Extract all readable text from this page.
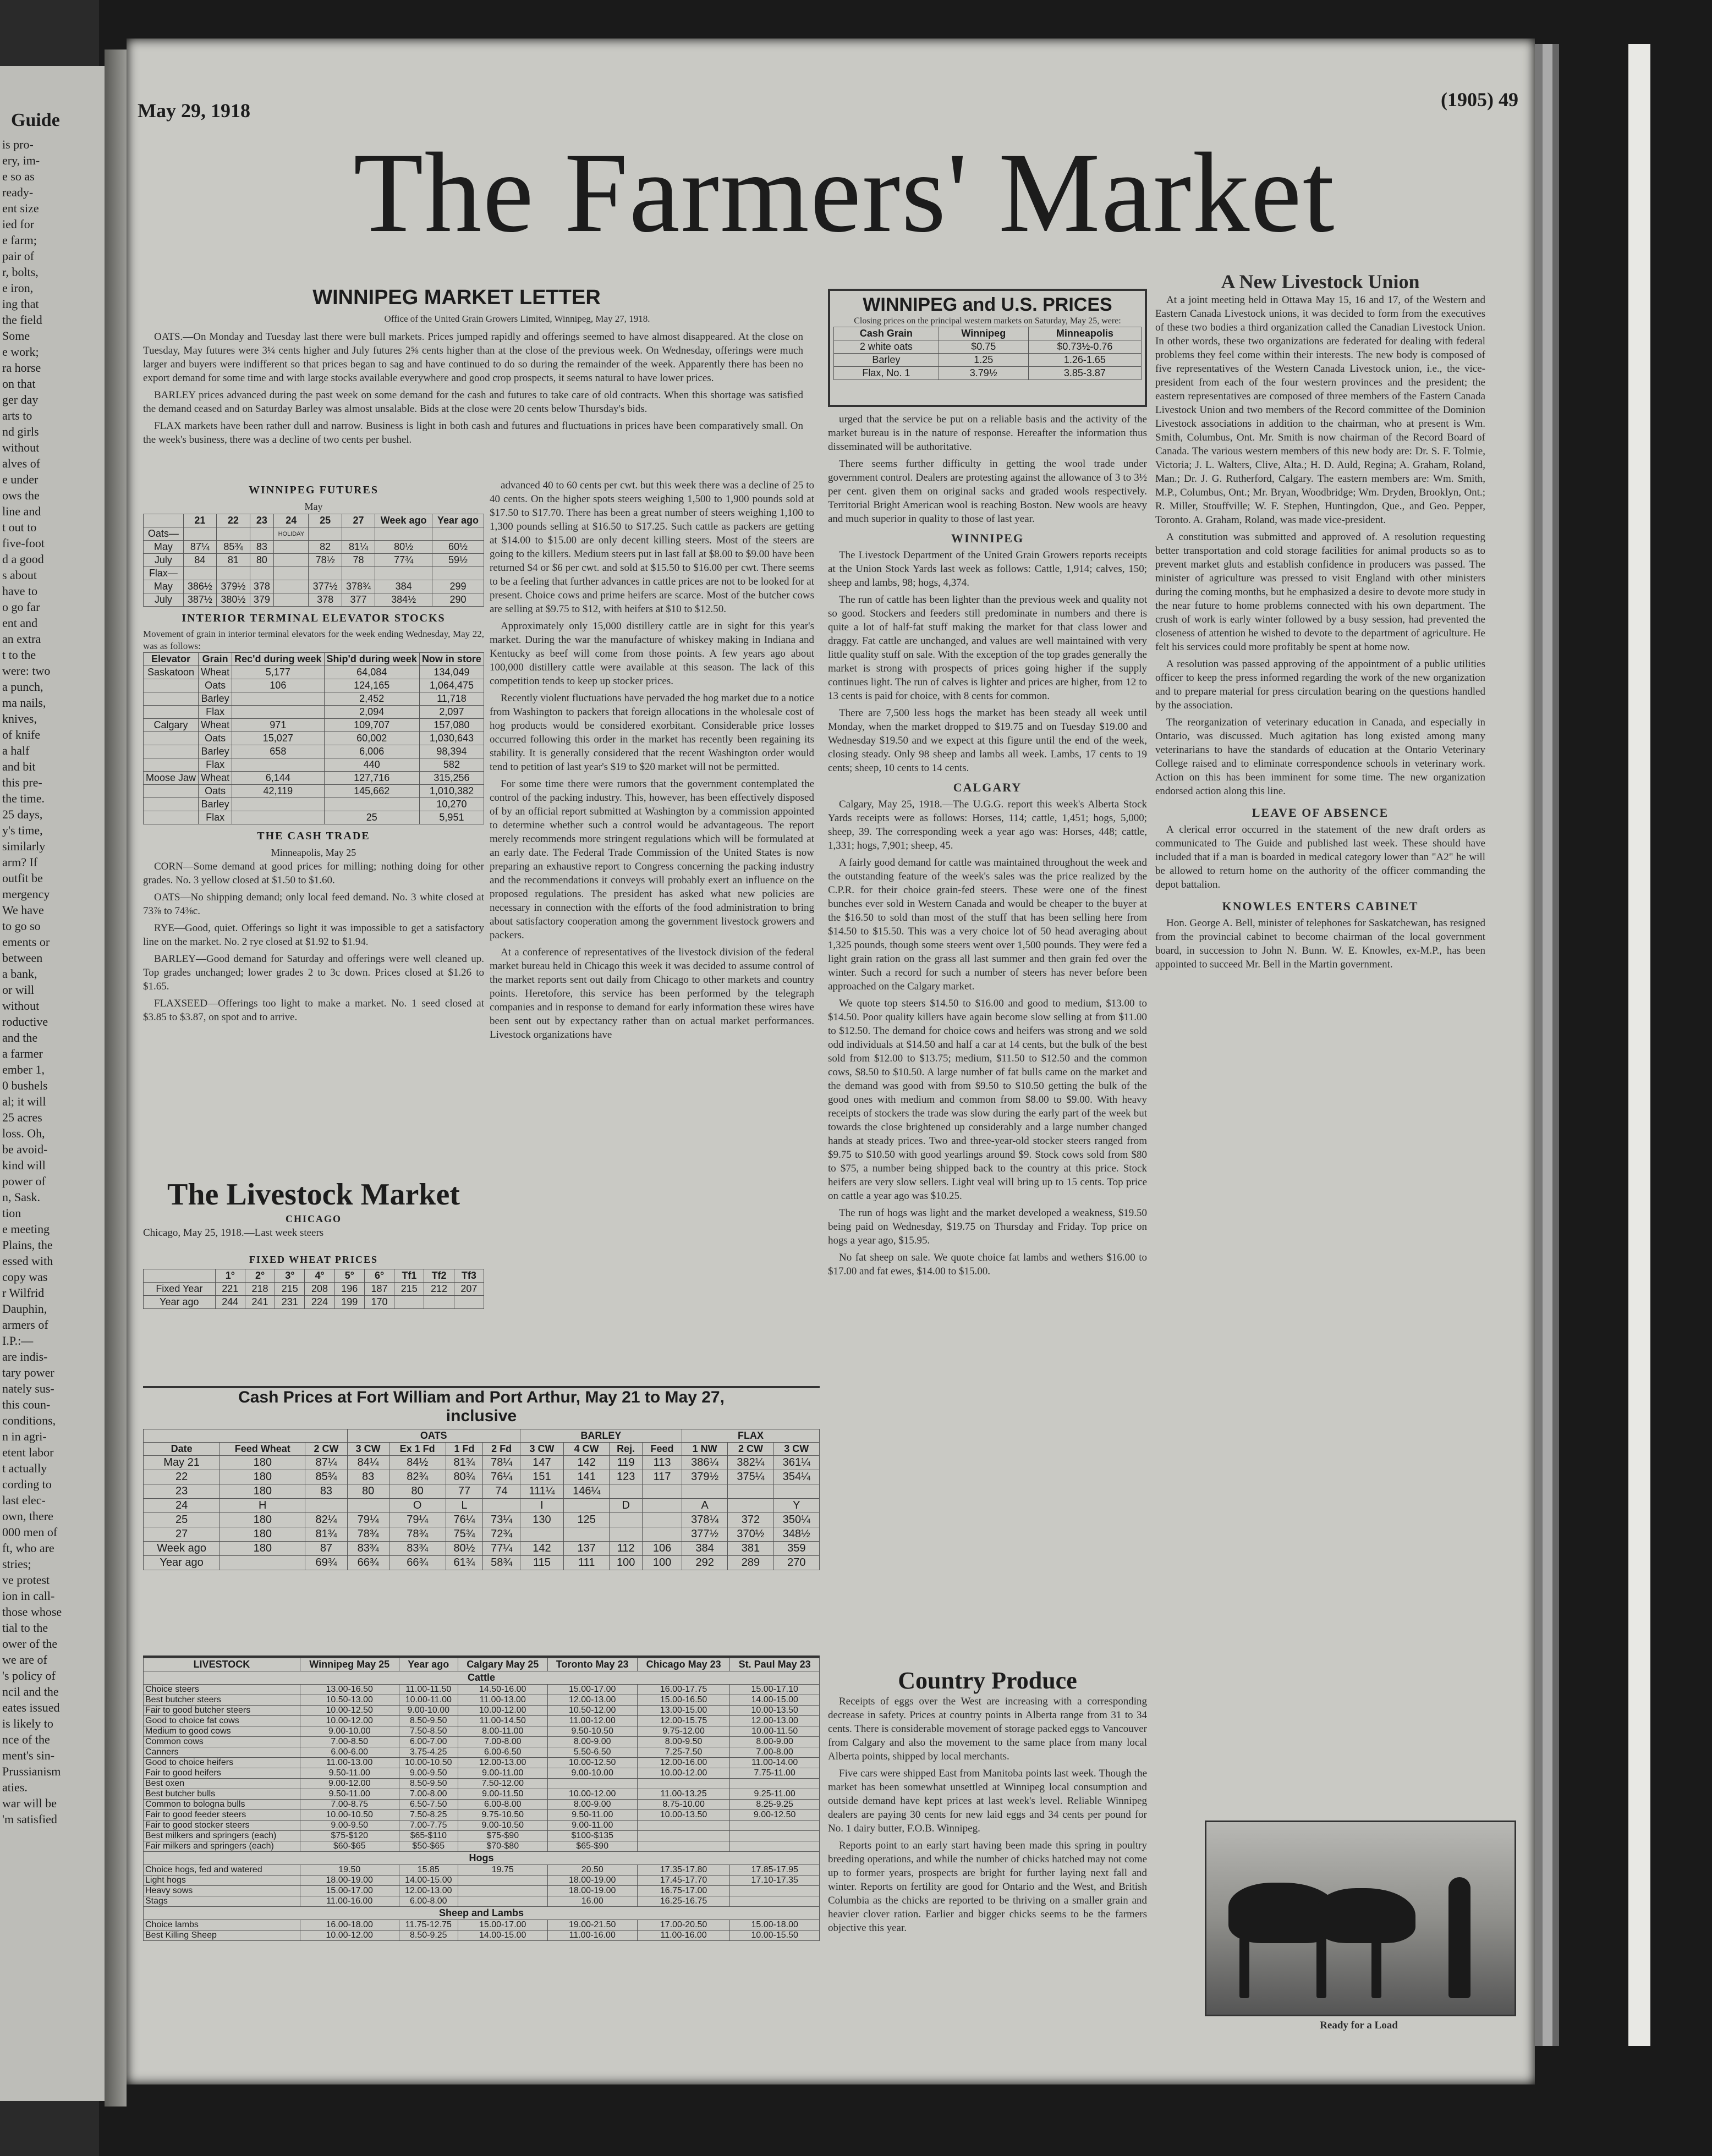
Guide
is pro-
ery, im-
e so as
ready-
ent size
ied for
e farm;
pair of
r, bolts,
e iron,
ing that
the field
Some
e work;
ra horse
on that
ger day
arts to
nd girls
without
alves of
e under
ows the
line and
t out to
five-foot
d a good
s about
have to
o go far
ent and
an extra
t to the
were: two
a punch,
ma nails,
knives,
of knife
a half
and bit
this pre-
the time.
25 days,
y's time,
similarly
arm? If
outfit be
mergency
We have
to go so
ements or
between
a bank,
or will
without
roductive
and the
a farmer
ember 1,
0 bushels
al; it will
25 acres
loss. Oh,
be avoid-
kind will
power of
n, Sask.
tion
e meeting
Plains, the
essed with
copy was
r Wilfrid
Dauphin,
armers of
I.P.:—
are indis-
tary power
nately sus-
this coun-
conditions,
n in agri-
etent labor
t actually
cording to
last elec-
own, there
000 men of
ft, who are
stries;
ve protest
ion in call-
those whose
tial to the
ower of the
we are of
's policy of
ncil and the
eates issued
is likely to
nce of the
ment's sin-
Prussianism
aties.
war will be
'm satisfied
May 29, 1918	(1905) 49
The Farmers' Market
WINNIPEG MARKET LETTER
Office of the United Grain Growers Limited, Winnipeg, May 27, 1918.

OATS.—On Monday and Tuesday last there were bull markets. Prices jumped rapidly and offerings seemed to have almost disappeared. At the close on Tuesday, May futures were 3¼ cents higher and July futures 2⅝ cents higher than at the close of the previous week. On Wednesday, offerings were much larger and buyers were indifferent so that prices began to sag and have continued to do so during the remainder of the week. Apparently there has been no export demand for some time and with large stocks available everywhere and good crop prospects, it seems natural to have lower prices.

BARLEY prices advanced during the past week on some demand for the cash and futures to take care of old contracts. When this shortage was satisfied the demand ceased and on Saturday Barley was almost unsalable. Bids at the close were 20 cents below Thursday's bids.

FLAX markets have been rather dull and narrow. Business is light in both cash and futures and fluctuations in prices have been comparatively small. On the week's business, there was a decline of two cents per bushel.

WINNIPEG and U.S. PRICES
Closing prices on the principal western markets on Saturday, May 25, were:
Cash Grain	Winnipeg	Minneapolis
2 white oats	$0.75	$0.73½-0.76
Barley	1.25	1.26-1.65
Flax, No. 1	3.79½	3.85-3.87

urged that the service be put on a reliable basis and the activity of the market bureau is in the nature of response. Hereafter the information thus disseminated will be authoritative.

There seems further difficulty in getting the wool trade under government control. Dealers are protesting against the allowance of 3 to 3½ per cent. given them on original sacks and graded wools respectively. Territorial Bright American wool is reaching Boston. New wools are heavy and much superior in quality to those of last year.

WINNIPEG

The Livestock Department of the United Grain Growers reports receipts at the Union Stock Yards last week as follows: Cattle, 1,914; calves, 150; sheep and lambs, 98; hogs, 4,374.

The run of cattle has been lighter than the previous week and quality not so good. Stockers and feeders still predominate in numbers and there is quite a lot of half-fat stuff making the market for that class lower and draggy. Fat cattle are unchanged, and values are well maintained with very little quality stuff on sale. With the exception of the top grades generally the market is strong with prospects of prices going higher if the supply continues light. The run of calves is lighter and prices are higher, from 12 to 13 cents is paid for choice, with 8 cents for common.

There are 7,500 less hogs the market has been steady all week until Monday, when the market dropped to $19.75 and on Tuesday $19.00 and Wednesday $19.50 and we expect at this figure until the end of the week, closing steady. Only 98 sheep and lambs all week. Lambs, 17 cents to 19 cents; sheep, 10 cents to 14 cents.

CALGARY

Calgary, May 25, 1918.—The U.G.G. report this week's Alberta Stock Yards receipts were as follows: Horses, 114; cattle, 1,451; hogs, 5,000; sheep, 39. The corresponding week a year ago was: Horses, 448; cattle, 1,331; hogs, 7,901; sheep, 45.

A fairly good demand for cattle was maintained throughout the week and the outstanding feature of the week's sales was the price realized by the C.P.R. for their choice grain-fed steers. These were one of the finest bunches ever sold in Western Canada and would be cheaper to the buyer at the $16.50 to sold than most of the stuff that has been selling here from $14.50 to $15.50. This was a very choice lot of 50 head averaging about 1,325 pounds, though some steers went over 1,500 pounds. They were fed a light grain ration on the grass all last summer and then grain fed over the winter. Such a record for such a number of steers has never before been approached on the Calgary market.

We quote top steers $14.50 to $16.00 and good to medium, $13.00 to $14.50. Poor quality killers have again become slow selling at from $11.00 to $12.50. The demand for choice cows and heifers was strong and we sold odd individuals at $14.50 and half a car at 14 cents, but the bulk of the best sold from $12.00 to $13.75; medium, $11.50 to $12.50 and the common cows, $8.50 to $10.50. A large number of fat bulls came on the market and the demand was good with from $9.50 to $10.50 getting the bulk of the good ones with medium and common from $8.00 to $9.00. With heavy receipts of stockers the trade was slow during the early part of the week but towards the close brightened up considerably and a large number changed hands at steady prices. Two and three-year-old stocker steers ranged from $9.75 to $10.50 with good yearlings around $9. Stock cows sold from $80 to $75, a number being shipped back to the country at this price. Stock heifers are very slow sellers. Light veal will bring up to 15 cents. Top price on cattle a year ago was $10.25.

The run of hogs was light and the market developed a weakness, $19.50 being paid on Wednesday, $19.75 on Thursday and Friday. Top price on hogs a year ago, $15.95.

No fat sheep on sale. We quote choice fat lambs and wethers $16.00 to $17.00 and fat ewes, $14.00 to $15.00.

Country Produce

Receipts of eggs over the West are increasing with a corresponding decrease in safety. Prices at country points in Alberta range from 31 to 34 cents. There is considerable movement of storage packed eggs to Vancouver from Calgary and also the movement to the same place from many local Alberta points, shipped by local merchants.

Five cars were shipped East from Manitoba points last week. Though the market has been somewhat unsettled at Winnipeg local consumption and outside demand have kept prices at last week's level. Reliable Winnipeg dealers are paying 30 cents for new laid eggs and 34 cents per pound for No. 1 dairy butter, F.O.B. Winnipeg.

Reports point to an early start having been made this spring in poultry breeding operations, and while the number of chicks hatched may not come up to former years, prospects are bright for further laying next fall and winter. Reports on fertility are good for Ontario and the West, and British Columbia as the chicks are reported to be thriving on a smaller grain and heavier clover ration. Earlier and bigger chicks seems to be the farmers objective this year.

WINNIPEG FUTURES
May
	21	22	23	24	25	27	Week ago	Year ago
Oats—				HOLIDAY				
May	87¼	85¾	83		82	81¼	80½	60½
July	84	81	80		78½	78	77¾	59½
Flax—								
May	386½	379½	378		377½	378¾	384	299
July	387½	380½	379		378	377	384½	290
INTERIOR TERMINAL ELEVATOR STOCKS
Movement of grain in interior terminal elevators for the week ending Wednesday, May 22, was as follows:
Elevator	Grain	Rec'd during week	Ship'd during week	Now in store
Saskatoon	Wheat	5,177	64,084	134,049
	Oats	106	124,165	1,064,475
	Barley		2,452	11,718
	Flax		2,094	2,097
Calgary	Wheat	971	109,707	157,080
	Oats	15,027	60,002	1,030,643
	Barley	658	6,006	98,394
	Flax		440	582
Moose Jaw	Wheat	6,144	127,716	315,256
	Oats	42,119	145,662	1,010,382
	Barley			10,270
	Flax		25	5,951
THE CASH TRADE
Minneapolis, May 25

CORN—Some demand at good prices for milling; nothing doing for other grades. No. 3 yellow closed at $1.50 to $1.60.

OATS—No shipping demand; only local feed demand. No. 3 white closed at 73⅞ to 74⅜c.

RYE—Good, quiet. Offerings so light it was impossible to get a satisfactory line on the market. No. 2 rye closed at $1.92 to $1.94.

BARLEY—Good demand for Saturday and offerings were well cleaned up. Top grades unchanged; lower grades 2 to 3c down. Prices closed at $1.26 to $1.65.

FLAXSEED—Offerings too light to make a market. No. 1 seed closed at $3.85 to $3.87, on spot and to arrive.

The Livestock Market
CHICAGO
Chicago, May 25, 1918.—Last week steers
FIXED WHEAT PRICES
	1°	2°	3°	4°	5°	6°	Tf1	Tf2	Tf3
Fixed Year	221	218	215	208	196	187	215	212	207
Year ago	244	241	231	224	199	170			

advanced 40 to 60 cents per cwt. but this week there was a decline of 25 to 40 cents. On the higher spots steers weighing 1,500 to 1,900 pounds sold at $17.50 to $17.70. There has been a great number of steers weighing 1,100 to 1,300 pounds selling at $16.50 to $17.25. Such cattle as packers are getting at $14.00 to $15.00 are only decent killing steers. Most of the steers are going to the killers. Medium steers put in last fall at $8.00 to $9.00 have been returned $4 or $6 per cwt. and sold at $15.50 to $16.00 per cwt. There seems to be a feeling that further advances in cattle prices are not to be looked for at present. Choice cows and prime heifers are scarce. Most of the butcher cows are selling at $9.75 to $12, with heifers at $10 to $12.50.

Approximately only 15,000 distillery cattle are in sight for this year's market. During the war the manufacture of whiskey making in Indiana and Kentucky as beef will come from those points. A few years ago about 100,000 distillery cattle were available at this season. The lack of this competition tends to keep up stocker prices.

Recently violent fluctuations have pervaded the hog market due to a notice from Washington to packers that foreign allocations in the wholesale cost of hog products would be considered exorbitant. Considerable price losses occurred following this order in the market has recently been regaining its stability. It is generally considered that the recent Washington order would tend to petition of last year's $19 to $20 market will not be permitted.

For some time there were rumors that the government contemplated the control of the packing industry. This, however, has been effectively disposed of by an official report submitted at Washington by a commission appointed to determine whether such a control would be advantageous. The report merely recommends more stringent regulations which will be formulated at an early date. The Federal Trade Commission of the United States is now preparing an exhaustive report to Congress concerning the packing industry and the recommendations it conveys will probably exert an influence on the proposed regulations. The president has asked what new policies are necessary in connection with the efforts of the food administration to bring about satisfactory cooperation among the government livestock growers and packers.

At a conference of representatives of the livestock division of the federal market bureau held in Chicago this week it was decided to assume control of the market reports sent out daily from Chicago to other markets and country points. Heretofore, this service has been performed by the telegraph companies and in response to demand for early information these wires have been sent out by expectancy rather than on actual market performances. Livestock organizations have

Cash Prices at Fort William and Port Arthur, May 21 to May 27, inclusive
			OATS				BARLEY				FLAX		
Date	Feed Wheat	2 CW	3 CW	Ex 1 Fd	1 Fd	2 Fd	3 CW	4 CW	Rej.	Feed	1 NW	2 CW	3 CW
May 21	180	87¼	84¼	84½	81¾	78¼	147	142	119	113	386¼	382¼	361¼
22	180	85¾	83	82¾	80¾	76¼	151	141	123	117	379½	375¼	354¼
23	180	83	80	80	77	74	111¼	146¼					
24	H			O	L		I		D		A		Y
25	180	82¼	79¼	79¼	76¼	73¼	130	125			378¼	372	350¼
27	180	81¾	78¾	78¾	75¾	72¾					377½	370½	348½
Week ago	180	87	83¾	83¾	80½	77¼	142	137	112	106	384	381	359
Year ago		69¾	66¾	66¾	61¾	58¾	115	111	100	100	292	289	270
LIVESTOCK	Winnipeg May 25	Year ago	Calgary May 25	Toronto May 23	Chicago May 23	St. Paul May 23
Cattle						
Choice steers	13.00-16.50	11.00-11.50	14.50-16.00	15.00-17.00	16.00-17.75	15.00-17.10
Best butcher steers	10.50-13.00	10.00-11.00	11.00-13.00	12.00-13.00	15.00-16.50	14.00-15.00
Fair to good butcher steers	10.00-12.50	9.00-10.00	10.00-12.00	10.50-12.00	13.00-15.00	10.00-13.50
Good to choice fat cows	10.00-12.00	8.50-9.50	11.00-14.50	11.00-12.00	12.00-15.75	12.00-13.00
Medium to good cows	9.00-10.00	7.50-8.50	8.00-11.00	9.50-10.50	9.75-12.00	10.00-11.50
Common cows	7.00-8.50	6.00-7.00	7.00-8.00	8.00-9.00	8.00-9.50	8.00-9.00
Canners	6.00-6.00	3.75-4.25	6.00-6.50	5.50-6.50	7.25-7.50	7.00-8.00
Good to choice heifers	11.00-13.00	10.00-10.50	12.00-13.00	10.00-12.50	12.00-16.00	11.00-14.00
Fair to good heifers	9.50-11.00	9.00-9.50	9.00-11.00	9.00-10.00	10.00-12.00	7.75-11.00
Best oxen	9.00-12.00	8.50-9.50	7.50-12.00			
Best butcher bulls	9.50-11.00	7.00-8.00	9.00-11.50	10.00-12.00	11.00-13.25	9.25-11.00
Common to bologna bulls	7.00-8.75	6.50-7.50	6.00-8.00	8.00-9.00	8.75-10.00	8.25-9.25
Fair to good feeder steers	10.00-10.50	7.50-8.25	9.75-10.50	9.50-11.00	10.00-13.50	9.00-12.50
Fair to good stocker steers	9.00-9.50	7.00-7.75	9.00-10.50	9.00-11.00		
Best milkers and springers (each)	$75-$120	$65-$110	$75-$90	$100-$135		
Fair milkers and springers (each)	$60-$65	$50-$65	$70-$80	$65-$90		
Hogs						
Choice hogs, fed and watered	19.50	15.85	19.75	20.50	17.35-17.80	17.85-17.95
Light hogs	18.00-19.00	14.00-15.00		18.00-19.00	17.45-17.70	17.10-17.35
Heavy sows	15.00-17.00	12.00-13.00		18.00-19.00	16.75-17.00	
Stags	11.00-16.00	6.00-8.00		16.00	16.25-16.75	
Sheep and Lambs						
Choice lambs	16.00-18.00	11.75-12.75	15.00-17.00	19.00-21.50	17.00-20.50	15.00-18.00
Best Killing Sheep	10.00-12.00	8.50-9.25	14.00-15.00	11.00-16.00	11.00-16.00	10.00-15.50
A New Livestock Union

At a joint meeting held in Ottawa May 15, 16 and 17, of the Western and Eastern Canada Livestock unions, it was decided to form from the executives of these two bodies a third organization called the Canadian Livestock Union. In other words, these two organizations are federated for dealing with federal problems they feel come within their interests. The new body is composed of five representatives of the Western Canada Livestock union, i.e., the vice-president from each of the four western provinces and the president; the eastern representatives are composed of three members of the Eastern Canada Livestock Union and two members of the Record committee of the Dominion Livestock associations in addition to the chairman, who at present is Wm. Smith, Columbus, Ont. Mr. Smith is now chairman of the Record Board of Canada. The various western members of this new body are: Dr. S. F. Tolmie, Victoria; J. L. Walters, Clive, Alta.; H. D. Auld, Regina; A. Graham, Roland, Man.; Dr. J. G. Rutherford, Calgary. The eastern members are: Wm. Smith, M.P., Columbus, Ont.; Mr. Bryan, Woodbridge; Wm. Dryden, Brooklyn, Ont.; R. Miller, Stouffville; W. F. Stephen, Huntingdon, Que., and Geo. Pepper, Toronto. A. Graham, Roland, was made vice-president.

A constitution was submitted and approved of. A resolution requesting better transportation and cold storage facilities for animal products so as to prevent market gluts and establish confidence in producers was passed. The minister of agriculture was pressed to visit England with other ministers during the coming months, but he emphasized a desire to devote more study in the near future to home problems connected with his own department. The crush of work is early winter followed by a busy session, had prevented the closeness of attention he wished to devote to the department of agriculture. He felt his services could more profitably be spent at home now.

A resolution was passed approving of the appointment of a public utilities officer to keep the press informed regarding the work of the new organization and to prepare material for press circulation bearing on the questions handled by the association.

The reorganization of veterinary education in Canada, and especially in Ontario, was discussed. Much agitation has long existed among many veterinarians to have the standards of education at the Ontario Veterinary College raised and to eliminate correspondence schools in veterinary work. Action on this has been imminent for some time. The new organization endorsed action along this line.

LEAVE OF ABSENCE

A clerical error occurred in the statement of the new draft orders as communicated to The Guide and published last week. These should have included that if a man is boarded in medical category lower than "A2" he will be allowed to return home on the authority of the officer commanding the depot battalion.

KNOWLES ENTERS CABINET

Hon. George A. Bell, minister of telephones for Saskatchewan, has resigned from the provincial cabinet to become chairman of the local government board, in succession to John N. Bunn. W. E. Knowles, ex-M.P., has been appointed to succeed Mr. Bell in the Martin government.

Ready for a Load
